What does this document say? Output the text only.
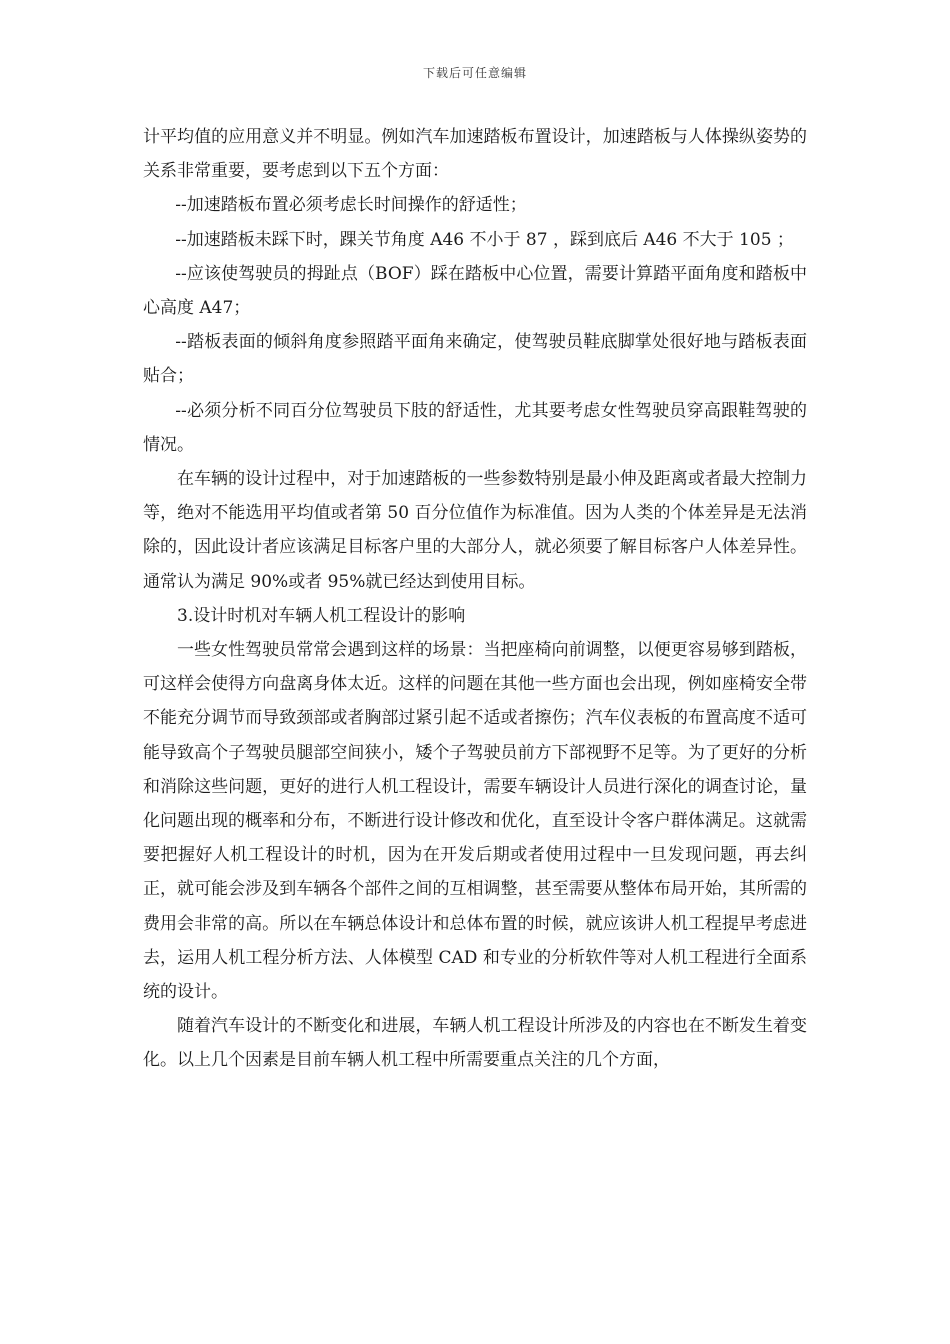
下载后可任意编辑

计平均值的应用意义并不明显。例如汽车加速踏板布置设计，加速踏板与人体操纵姿势的关系非常重要，要考虑到以下五个方面：

--加速踏板布置必须考虑长时间操作的舒适性；

--加速踏板未踩下时，踝关节角度 A46 不小于 87 ，踩到底后 A46 不大于 105 ；

--应该使驾驶员的拇趾点（BOF）踩在踏板中心位置，需要计算踏平面角度和踏板中心高度 A47；

--踏板表面的倾斜角度参照踏平面角来确定，使驾驶员鞋底脚掌处很好地与踏板表面贴合；

--必须分析不同百分位驾驶员下肢的舒适性，尤其要考虑女性驾驶员穿高跟鞋驾驶的情况。

在车辆的设计过程中，对于加速踏板的一些参数特别是最小伸及距离或者最大控制力等，绝对不能选用平均值或者第 50 百分位值作为标准值。因为人类的个体差异是无法消除的，因此设计者应该满足目标客户里的大部分人，就必须要了解目标客户人体差异性。通常认为满足 90%或者 95%就已经达到使用目标。

3.设计时机对车辆人机工程设计的影响

一些女性驾驶员常常会遇到这样的场景：当把座椅向前调整，以便更容易够到踏板，可这样会使得方向盘离身体太近。这样的问题在其他一些方面也会出现，例如座椅安全带不能充分调节而导致颈部或者胸部过紧引起不适或者擦伤；汽车仪表板的布置高度不适可能导致高个子驾驶员腿部空间狭小，矮个子驾驶员前方下部视野不足等。为了更好的分析和消除这些问题，更好的进行人机工程设计，需要车辆设计人员进行深化的调查讨论，量化问题出现的概率和分布，不断进行设计修改和优化，直至设计令客户群体满足。这就需要把握好人机工程设计的时机，因为在开发后期或者使用过程中一旦发现问题，再去纠正，就可能会涉及到车辆各个部件之间的互相调整，甚至需要从整体布局开始，其所需的费用会非常的高。所以在车辆总体设计和总体布置的时候，就应该讲人机工程提早考虑进去，运用人机工程分析方法、人体模型 CAD 和专业的分析软件等对人机工程进行全面系统的设计。

随着汽车设计的不断变化和进展，车辆人机工程设计所涉及的内容也在不断发生着变化。以上几个因素是目前车辆人机工程中所需要重点关注的几个方面，
